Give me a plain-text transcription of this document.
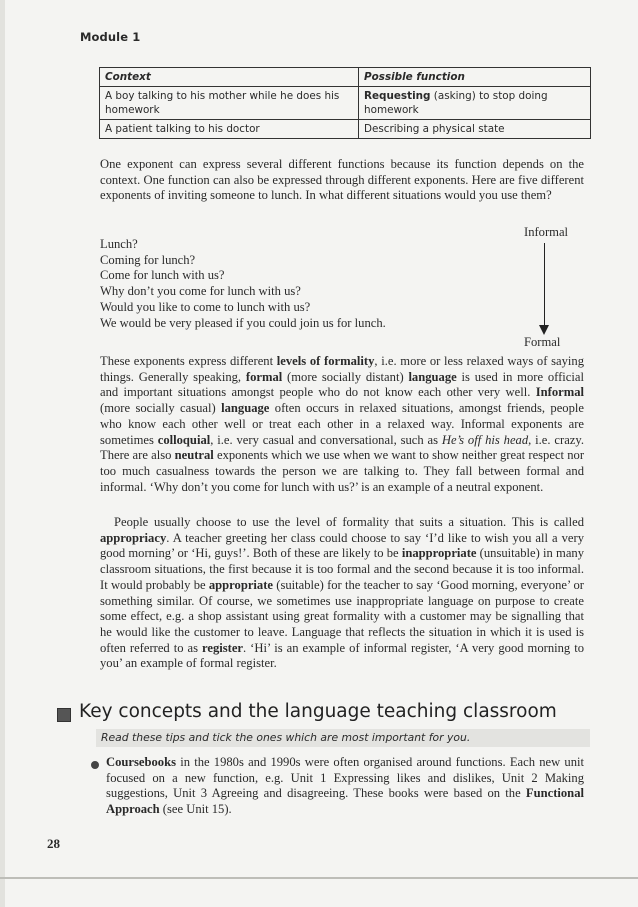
Module 1
Context	Possible function
A boy talking to his mother while he does his homework	Requesting (asking) to stop doing homework
A patient talking to his doctor	Describing a physical state

One exponent can express several different functions because its function depends on the context. One function can also be expressed through different exponents. Here are five different exponents of inviting someone to lunch. In what different situations would you use them?

Informal
Formal

Lunch?

Coming for lunch?

Come for lunch with us?

Why don’t you come for lunch with us?

Would you like to come to lunch with us?

We would be very pleased if you could join us for lunch.

These exponents express different levels of formality, i.e. more or less relaxed ways of saying things. Generally speaking, formal (more socially distant) language is used in more official and important situations amongst people who do not know each other very well. Informal (more socially casual) language often occurs in relaxed situations, amongst friends, people who know each other well or treat each other in a relaxed way. Informal exponents are sometimes colloquial, i.e. very casual and conversational, such as He’s off his head, i.e. crazy. There are also neutral exponents which we use when we want to show neither great respect nor too much casualness towards the person we are talking to. They fall between formal and informal. ‘Why don’t you come for lunch with us?’ is an example of a neutral exponent.

People usually choose to use the level of formality that suits a situation. This is called appropriacy. A teacher greeting her class could choose to say ‘I’d like to wish you all a very good morning’ or ‘Hi, guys!’. Both of these are likely to be inappropriate (unsuitable) in many classroom situations, the first because it is too formal and the second because it is too informal. It would probably be appropriate (suitable) for the teacher to say ‘Good morning, everyone’ or something similar. Of course, we sometimes use inappropriate language on purpose to create some effect, e.g. a shop assistant using great formality with a customer may be signalling that he would like the customer to leave. Language that reflects the situation in which it is used is often referred to as register. ‘Hi’ is an example of informal register, ‘A very good morning to you’ an example of formal register.

Key concepts and the language teaching classroom
Read these tips and tick the ones which are most important for you.

Coursebooks in the 1980s and 1990s were often organised around functions. Each new unit focused on a new function, e.g. Unit 1 Expressing likes and dislikes, Unit 2 Making suggestions, Unit 3 Agreeing and disagreeing. These books were based on the Functional Approach (see Unit 15).

28
